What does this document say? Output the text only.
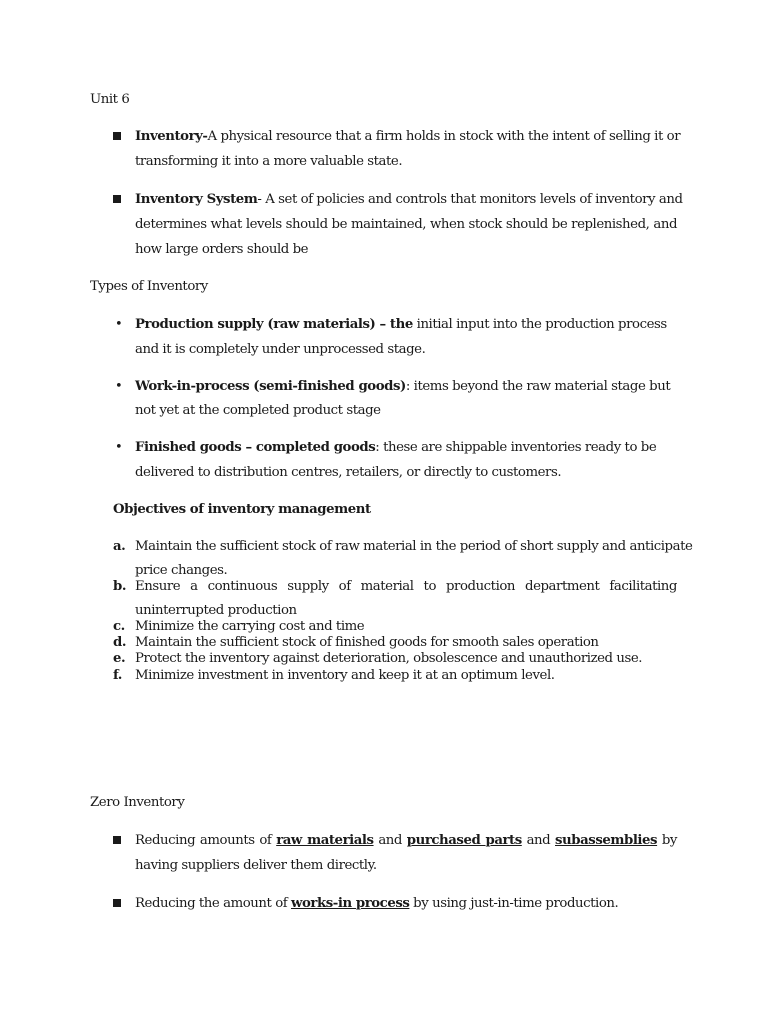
Unit 6
Inventory-A physical resource that a firm holds in stock with the intent of selling it or
transforming it into a more valuable state.
Inventory System- A set of policies and controls that monitors levels of inventory and
determines what levels should be maintained, when stock should be replenished, and
how large orders should be
Types of Inventory
• Production supply (raw materials) – the initial input into the production process
and it is completely under unprocessed stage.
• Work-in-process (semi-finished goods): items beyond the raw material stage but
not yet at the completed product stage
• Finished goods – completed goods: these are shippable inventories ready to be
delivered to distribution centres, retailers, or directly to customers.
Objectives of inventory management
a. Maintain the sufficient stock of raw material in the period of short supply and anticipate
price changes.
b. Ensure a continuous supply of material to production department facilitating
uninterrupted production
c. Minimize the carrying cost and time
d. Maintain the sufficient stock of finished goods for smooth sales operation
e. Protect the inventory against deterioration, obsolescence and unauthorized use.
f. Minimize investment in inventory and keep it at an optimum level.
Zero Inventory
Reducing amounts of raw materials and purchased parts and subassemblies by
having suppliers deliver them directly.
Reducing the amount of works-in process by using just-in-time production.
